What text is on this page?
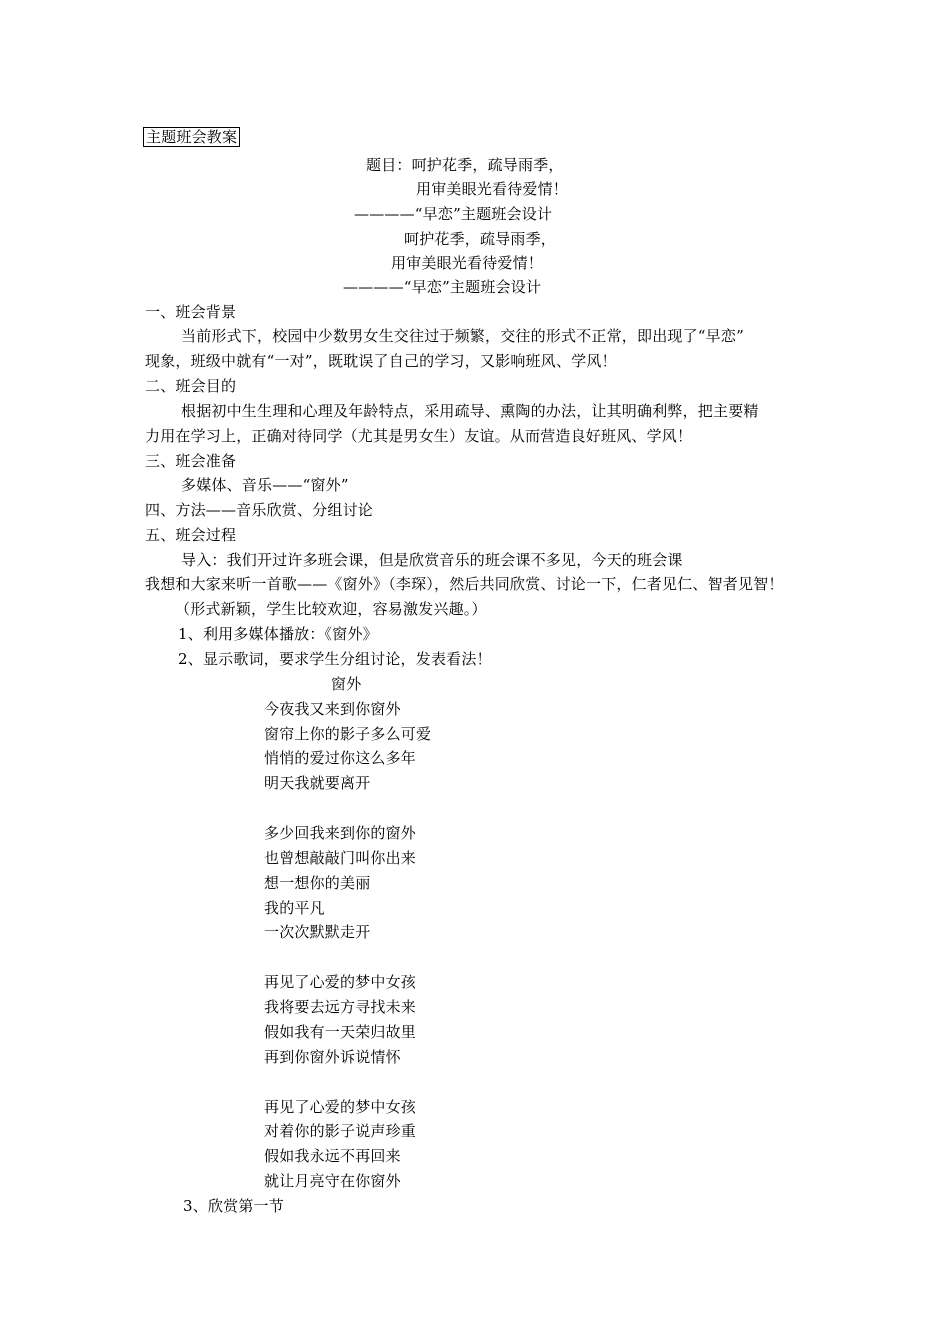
主题班会教案
题目：呵护花季，疏导雨季，
用审美眼光看待爱情！
————“早恋”主题班会设计
呵护花季，疏导雨季，
用审美眼光看待爱情！
————“早恋”主题班会设计
一、班会背景
当前形式下，校园中少数男女生交往过于频繁，交往的形式不正常，即出现了“早恋”
现象，班级中就有“一对”，既耽误了自己的学习，又影响班风、学风！
二、班会目的
根据初中生生理和心理及年龄特点，采用疏导、熏陶的办法，让其明确利弊，把主要精
力用在学习上，正确对待同学（尤其是男女生）友谊。从而营造良好班风、学风！
三、班会准备
多媒体、音乐——“窗外”
四、方法——音乐欣赏、分组讨论
五、班会过程
导入：我们开过许多班会课，但是欣赏音乐的班会课不多见，今天的班会课
我想和大家来听一首歌——《窗外》（李琛），然后共同欣赏、讨论一下，仁者见仁、智者见智！
（形式新颖，学生比较欢迎，容易激发兴趣。）
1、利用多媒体播放：《窗外》
2、显示歌词，要求学生分组讨论，发表看法！
窗外
今夜我又来到你窗外
窗帘上你的影子多么可爱
悄悄的爱过你这么多年
明天我就要离开
多少回我来到你的窗外
也曾想敲敲门叫你出来
想一想你的美丽
我的平凡
一次次默默走开
再见了心爱的梦中女孩
我将要去远方寻找未来
假如我有一天荣归故里
再到你窗外诉说情怀
再见了心爱的梦中女孩
对着你的影子说声珍重
假如我永远不再回来
就让月亮守在你窗外
3、欣赏第一节
